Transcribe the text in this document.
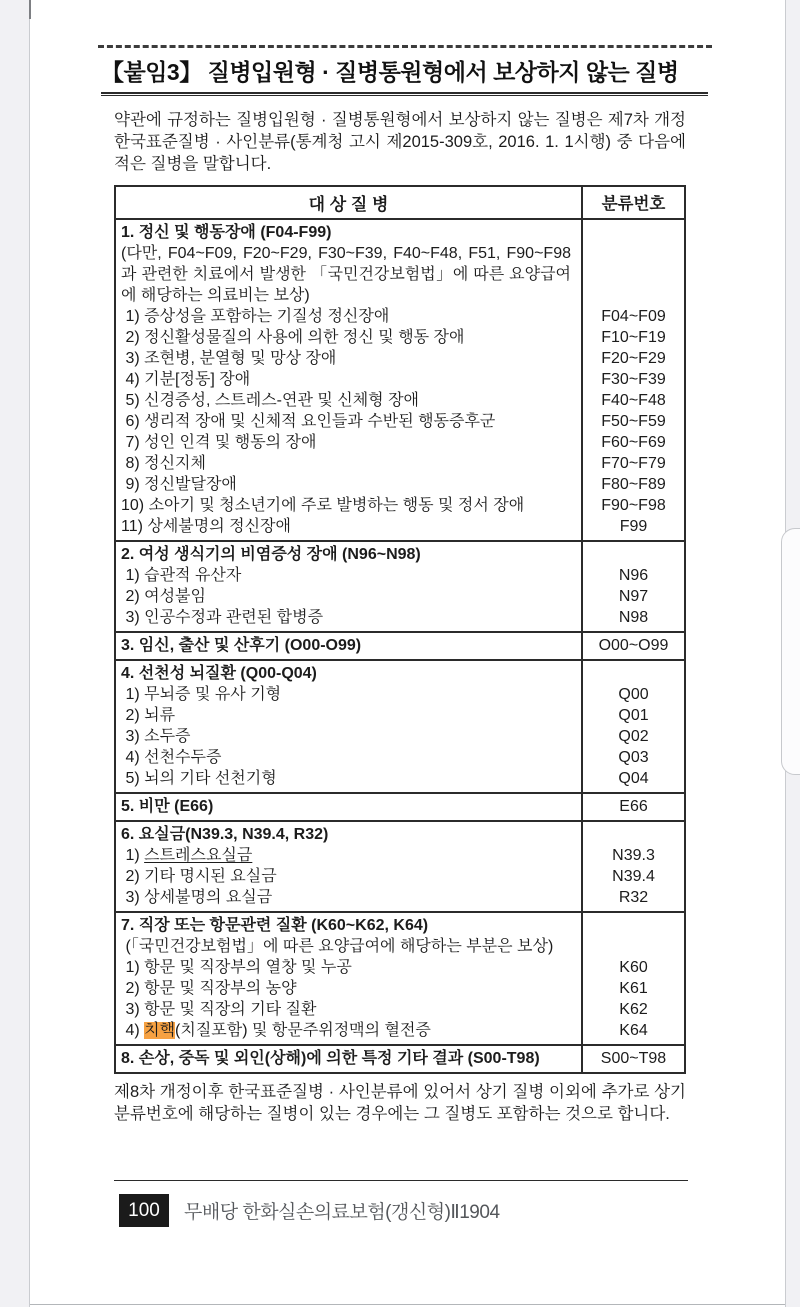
【붙임3】 질병입원형 · 질병통원형에서 보상하지 않는 질병

약관에 규정하는 질병입원형 · 질병통원형에서 보상하지 않는 질병은 제7차 개정 한국표준질병 · 사인분류(통계청 고시 제2015-309호, 2016. 1. 1시행) 중 다음에 적은 질병을 말합니다.

대 상 질 병	분류번호
1. 정신 및 행동장애 (F04-F99)
(다만, F04~F09, F20~F29, F30~F39, F40~F48, F51, F90~F98과 관련한 치료에서 발생한 「국민건강보험법」에 따른 요양급여에 해당하는 의료비는 보상)
1) 증상성을 포함하는 기질성 정신장애	F04~F09
2) 정신활성물질의 사용에 의한 정신 및 행동 장애	F10~F19
3) 조현병, 분열형 및 망상 장애	F20~F29
4) 기분[정동] 장애	F30~F39
5) 신경증성, 스트레스-연관 및 신체형 장애	F40~F48
6) 생리적 장애 및 신체적 요인들과 수반된 행동증후군	F50~F59
7) 성인 인격 및 행동의 장애	F60~F69
8) 정신지체	F70~F79
9) 정신발달장애	F80~F89
10) 소아기 및 청소년기에 주로 발병하는 행동 및 정서 장애	F90~F98
11) 상세불명의 정신장애	F99
2. 여성 생식기의 비염증성 장애 (N96~N98)
1) 습관적 유산자	N96
2) 여성불임	N97
3) 인공수정과 관련된 합병증	N98
3. 임신, 출산 및 산후기 (O00-O99)	O00~O99
4. 선천성 뇌질환 (Q00-Q04)
1) 무뇌증 및 유사 기형	Q00
2) 뇌류	Q01
3) 소두증	Q02
4) 선천수두증	Q03
5) 뇌의 기타 선천기형	Q04
5. 비만 (E66)	E66
6. 요실금(N39.3, N39.4, R32)
1) 스트레스요실금	N39.3
2) 기타 명시된 요실금	N39.4
3) 상세불명의 요실금	R32
7. 직장 또는 항문관련 질환 (K60~K62, K64)
(「국민건강보험법」에 따른 요양급여에 해당하는 부분은 보상)
1) 항문 및 직장부의 열창 및 누공	K60
2) 항문 및 직장부의 농양	K61
3) 항문 및 직장의 기타 질환	K62
4) 치핵(치질포함) 및 항문주위정맥의 혈전증	K64
8. 손상, 중독 및 외인(상해)에 의한 특정 기타 결과 (S00-T98)	S00~T98

제8차 개정이후 한국표준질병 · 사인분류에 있어서 상기 질병 이외에 추가로 상기 분류번호에 해당하는 질병이 있는 경우에는 그 질병도 포함하는 것으로 합니다.

100	무배당 한화실손의료보험(갱신형)Ⅱ1904
